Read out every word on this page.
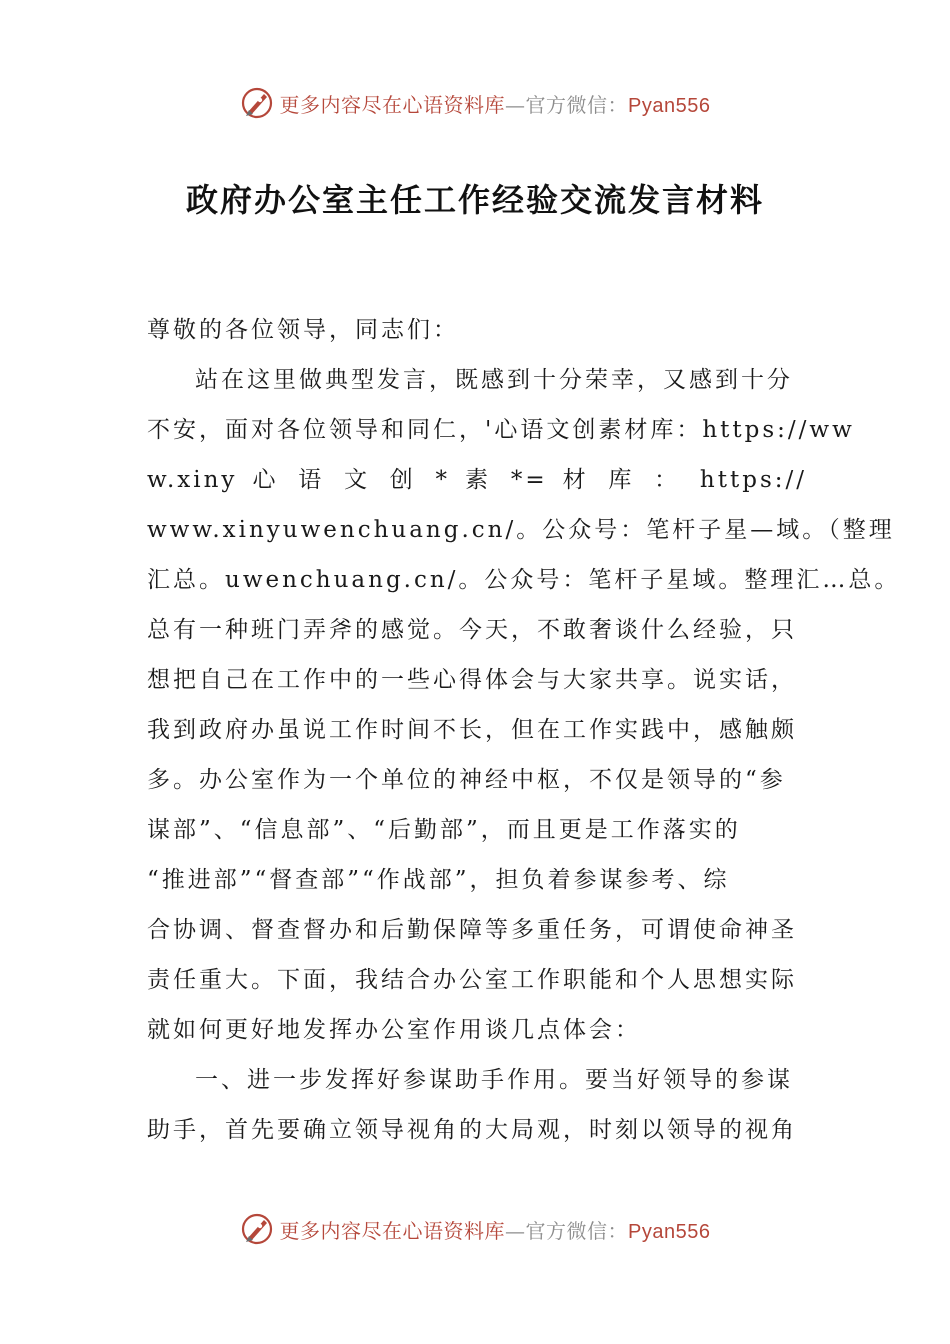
更多内容尽在心语资料库—官方微信：Pyan556
政府办公室主任工作经验交流发言材料
尊敬的各位领导，同志们：
站在这里做典型发言，既感到十分荣幸，又感到十分
不安，面对各位领导和同仁，'心语文创素材库：https://ww
w.xiny 心 语 文 创 * 素 *= 材 库 ： https://
www.xinyuwenchuang.cn/。公众号：笔杆子星—域。（整理
汇总。uwenchuang.cn/。公众号：笔杆子星域。整理汇…总。
总有一种班门弄斧的感觉。今天，不敢奢谈什么经验，只
想把自己在工作中的一些心得体会与大家共享。说实话，
我到政府办虽说工作时间不长，但在工作实践中，感触颇
多。办公室作为一个单位的神经中枢，不仅是领导的“参
谋部”、“信息部”、“后勤部”，而且更是工作落实的
“推进部”“督查部”“作战部”，担负着参谋参考、综
合协调、督查督办和后勤保障等多重任务，可谓使命神圣
责任重大。下面，我结合办公室工作职能和个人思想实际
就如何更好地发挥办公室作用谈几点体会：
一、进一步发挥好参谋助手作用。要当好领导的参谋
助手，首先要确立领导视角的大局观，时刻以领导的视角
更多内容尽在心语资料库—官方微信：Pyan556
